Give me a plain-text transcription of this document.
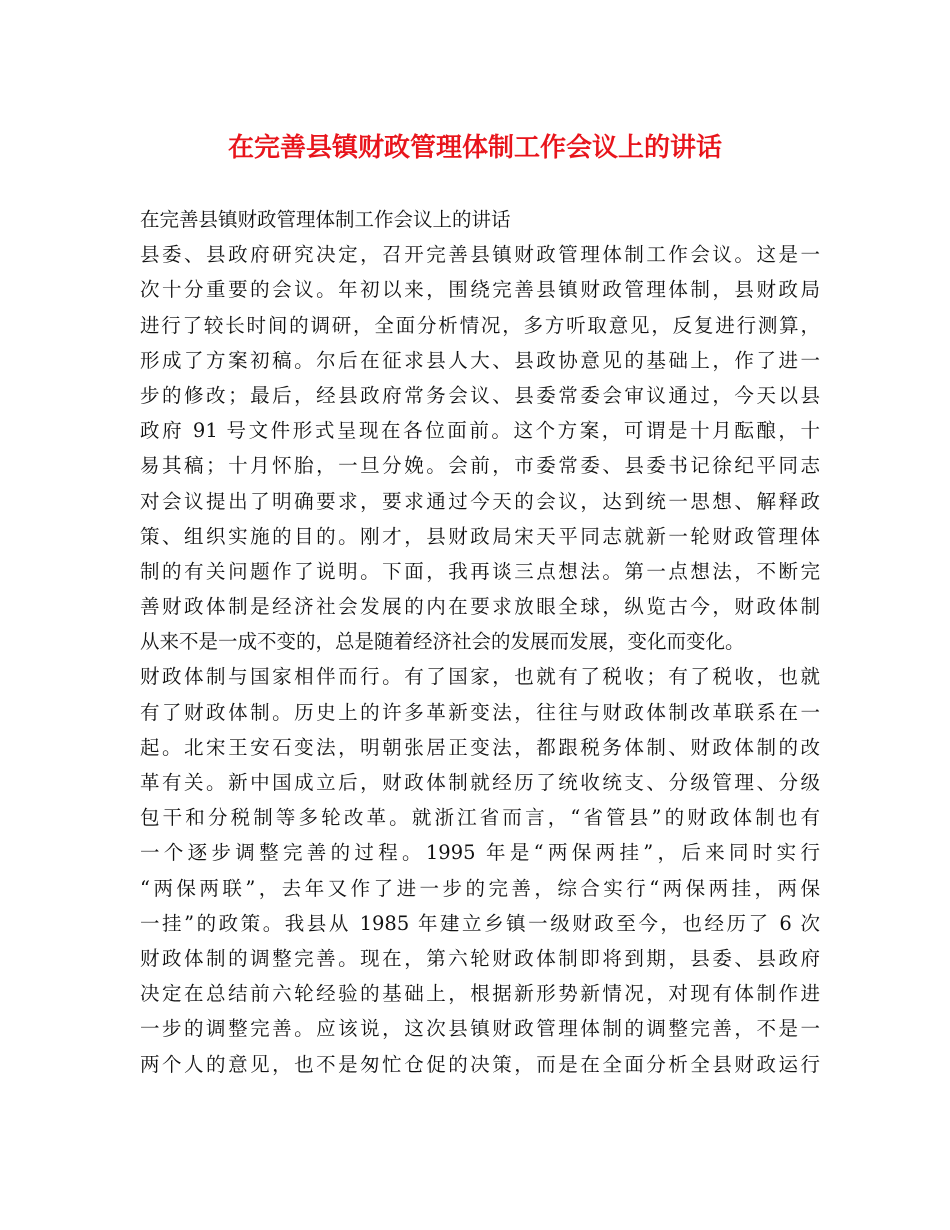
在完善县镇财政管理体制工作会议上的讲话
在完善县镇财政管理体制工作会议上的讲话
县委、县政府研究决定，召开完善县镇财政管理体制工作会议。这是一
次十分重要的会议。年初以来，围绕完善县镇财政管理体制，县财政局
进行了较长时间的调研，全面分析情况，多方听取意见，反复进行测算，
形成了方案初稿。尔后在征求县人大、县政协意见的基础上，作了进一
步的修改；最后，经县政府常务会议、县委常委会审议通过，今天以县
政府 91 号文件形式呈现在各位面前。这个方案，可谓是十月酝酿，十
易其稿；十月怀胎，一旦分娩。会前，市委常委、县委书记徐纪平同志
对会议提出了明确要求，要求通过今天的会议，达到统一思想、解释政
策、组织实施的目的。刚才，县财政局宋天平同志就新一轮财政管理体
制的有关问题作了说明。下面，我再谈三点想法。第一点想法，不断完
善财政体制是经济社会发展的内在要求放眼全球，纵览古今，财政体制
从来不是一成不变的，总是随着经济社会的发展而发展，变化而变化。
财政体制与国家相伴而行。有了国家，也就有了税收；有了税收，也就
有了财政体制。历史上的许多革新变法，往往与财政体制改革联系在一
起。北宋王安石变法，明朝张居正变法，都跟税务体制、财政体制的改
革有关。新中国成立后，财政体制就经历了统收统支、分级管理、分级
包干和分税制等多轮改革。就浙江省而言，“省管县”的财政体制也有
一个逐步调整完善的过程。1995 年是“两保两挂”，后来同时实行
“两保两联”，去年又作了进一步的完善，综合实行“两保两挂，两保
一挂”的政策。我县从 1985 年建立乡镇一级财政至今，也经历了 6 次
财政体制的调整完善。现在，第六轮财政体制即将到期，县委、县政府
决定在总结前六轮经验的基础上，根据新形势新情况，对现有体制作进
一步的调整完善。应该说，这次县镇财政管理体制的调整完善，不是一
两个人的意见，也不是匆忙仓促的决策，而是在全面分析全县财政运行
